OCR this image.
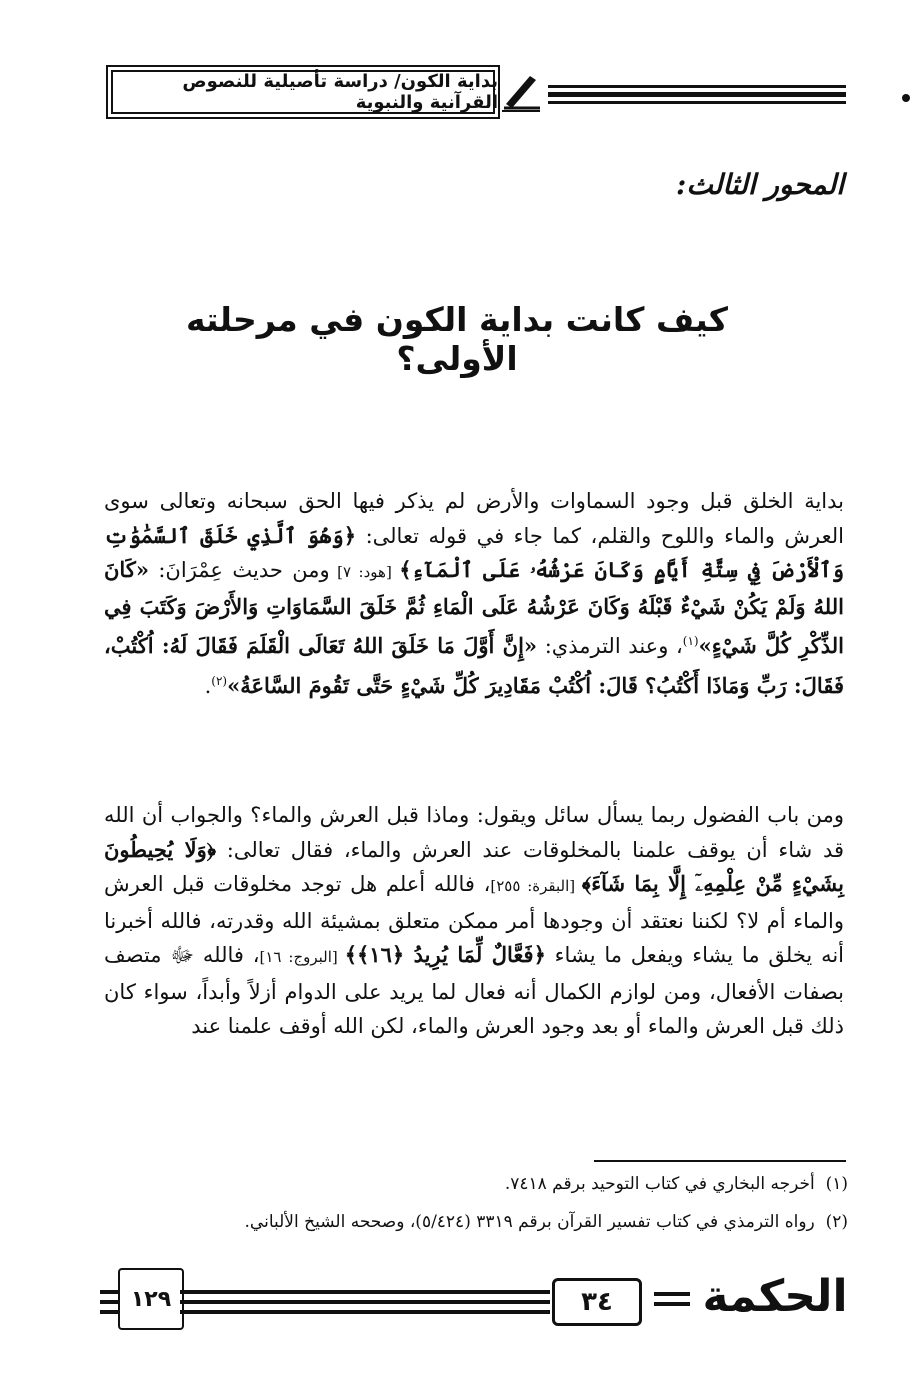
بداية الكون/ دراسة تأصيلية للنصوص القرآنية والنبوية
المحور الثالث:
كيف كانت بداية الكون في مرحلته الأولى؟
بداية الخلق قبل وجود السماوات والأرض لم يذكر فيها الحق سبحانه وتعالى سوى العرش والماء واللوح والقلم، كما جاء في قوله تعالى: ﴿وَهُوَ ٱلَّذِي خَلَقَ ٱلسَّمَٰوَٰتِ وَٱلْأَرْضَ فِي سِتَّةِ أَيَّامٍ وَكَانَ عَرْشُهُۥ عَلَى ٱلْمَآءِ﴾ [هود: ٧] ومن حديث عِمْرَانَ: «كَانَ اللهُ وَلَمْ يَكُنْ شَيْءٌ قَبْلَهُ وَكَانَ عَرْشُهُ عَلَى الْمَاءِ ثُمَّ خَلَقَ السَّمَاوَاتِ وَالأَرْضَ وَكَتَبَ فِي الذِّكْرِ كُلَّ شَيْءٍ»$^{(١)}$، وعند الترمذي: «إِنَّ أَوَّلَ مَا خَلَقَ اللهُ تَعَالَى الْقَلَمَ فَقَالَ لَهُ: اُكْتُبْ، فَقَالَ: رَبِّ وَمَاذَا أَكْتُبُ؟ قَالَ: اُكْتُبْ مَقَادِيرَ كُلِّ شَيْءٍ حَتَّى تَقُومَ السَّاعَةُ»$^{(٢)}$.
ومن باب الفضول ربما يسأل سائل ويقول: وماذا قبل العرش والماء؟ والجواب أن الله قد شاء أن يوقف علمنا بالمخلوقات عند العرش والماء، فقال تعالى: ﴿وَلَا يُحِيطُونَ بِشَيْءٍ مِّنْ عِلْمِهِۦٓ إِلَّا بِمَا شَآءَ﴾ [البقرة: ٢٥٥]، فالله أعلم هل توجد مخلوقات قبل العرش والماء أم لا؟ لكننا نعتقد أن وجودها أمر ممكن متعلق بمشيئة الله وقدرته، فالله أخبرنا أنه يخلق ما يشاء ويفعل ما يشاء ﴿فَعَّالٌ لِّمَا يُرِيدُ ﴿١٦﴾﴾ [البروج: ١٦]، فالله ﷻ متصف بصفات الأفعال، ومن لوازم الكمال أنه فعال لما يريد على الدوام أزلاً وأبداً، سواء كان ذلك قبل العرش والماء أو بعد وجود العرش والماء، لكن الله أوقف علمنا عند
(١)  أخرجه البخاري في كتاب التوحيد برقم ٧٤١٨.
(٢)  رواه الترمذي في كتاب تفسير القرآن برقم ٣٣١٩ (٥/٤٢٤)، وصححه الشيخ الألباني.
١٢٩	٣٤	الحكمة
